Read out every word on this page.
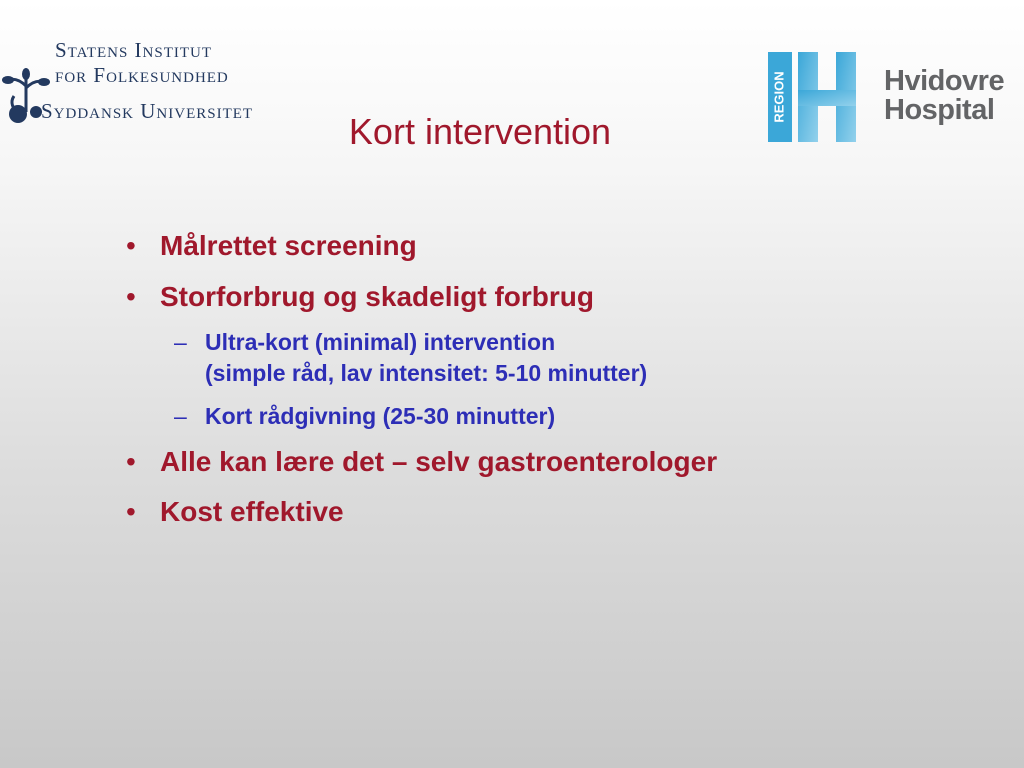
Statens Institut
for Folkesundhed
Syddansk Universitet	REGION	Hvidovre
Hospital
Kort intervention
• Målrettet screening
• Storforbrug og skadeligt forbrug
– Ultra-kort (minimal) intervention
(simple råd, lav intensitet: 5-10 minutter)
– Kort rådgivning (25-30 minutter)
• Alle kan lære det – selv gastroenterologer
• Kost effektive
